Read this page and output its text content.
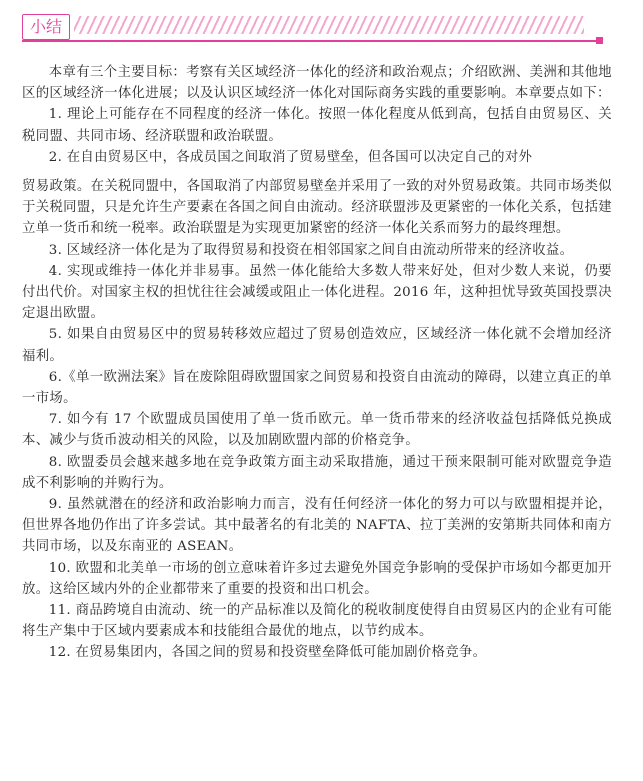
小结

本章有三个主要目标：考察有关区域经济一体化的经济和政治观点；介绍欧洲、美洲和其他地区的区域经济一体化进展；以及认识区域经济一体化对国际商务实践的重要影响。本章要点如下：

1. 理论上可能存在不同程度的经济一体化。按照一体化程度从低到高，包括自由贸易区、关税同盟、共同市场、经济联盟和政治联盟。

2. 在自由贸易区中，各成员国之间取消了贸易壁垒，但各国可以决定自己的对外

贸易政策。在关税同盟中，各国取消了内部贸易壁垒并采用了一致的对外贸易政策。共同市场类似于关税同盟，只是允许生产要素在各国之间自由流动。经济联盟涉及更紧密的一体化关系，包括建立单一货币和统一税率。政治联盟是为实现更加紧密的经济一体化关系而努力的最终理想。

3. 区域经济一体化是为了取得贸易和投资在相邻国家之间自由流动所带来的经济收益。

4. 实现或维持一体化并非易事。虽然一体化能给大多数人带来好处，但对少数人来说，仍要付出代价。对国家主权的担忧往往会减缓或阻止一体化进程。2016 年，这种担忧导致英国投票决定退出欧盟。

5. 如果自由贸易区中的贸易转移效应超过了贸易创造效应，区域经济一体化就不会增加经济福利。

6.《单一欧洲法案》旨在废除阻碍欧盟国家之间贸易和投资自由流动的障碍，以建立真正的单一市场。

7. 如今有 17 个欧盟成员国使用了单一货币欧元。单一货币带来的经济收益包括降低兑换成本、减少与货币波动相关的风险，以及加剧欧盟内部的价格竞争。

8. 欧盟委员会越来越多地在竞争政策方面主动采取措施，通过干预来限制可能对欧盟竞争造成不利影响的并购行为。

9. 虽然就潜在的经济和政治影响力而言，没有任何经济一体化的努力可以与欧盟相提并论，但世界各地仍作出了许多尝试。其中最著名的有北美的 NAFTA、拉丁美洲的安第斯共同体和南方共同市场，以及东南亚的 ASEAN。

10. 欧盟和北美单一市场的创立意味着许多过去避免外国竞争影响的受保护市场如今都更加开放。这给区域内外的企业都带来了重要的投资和出口机会。

11. 商品跨境自由流动、统一的产品标准以及简化的税收制度使得自由贸易区内的企业有可能将生产集中于区域内要素成本和技能组合最优的地点，以节约成本。

12. 在贸易集团内，各国之间的贸易和投资壁垒降低可能加剧价格竞争。
